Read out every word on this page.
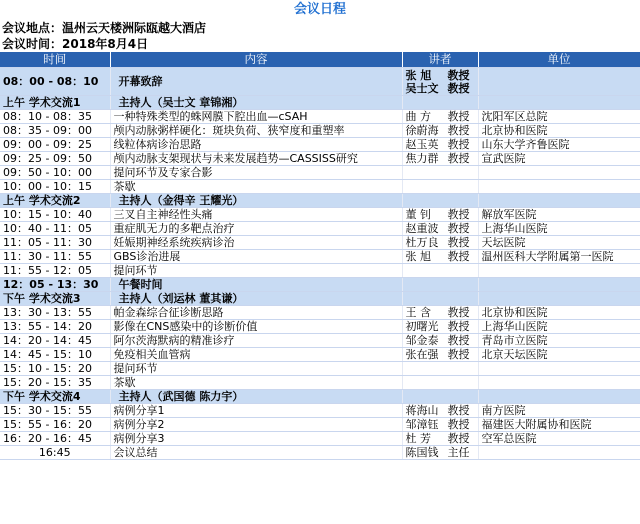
会议日程
会议地点：温州云天楼洲际瓯越大酒店
会议时间：2018年8月4日
时间	内容	讲者	单位
08：00 - 08：10	开幕致辞	张 旭 教授
吴士文 教授	

上午 学术交流1	主持人（吴士文 章锦湘）		
08：10 - 08：35	一种特殊类型的蛛网膜下腔出血—cSAH	曲 方 教授	沈阳军区总院
08：35 - 09：00	颅内动脉粥样硬化：斑块负荷、狭窄度和重塑率	徐蔚海 教授	北京协和医院
09：00 - 09：25	线粒体病诊治思路	赵玉英 教授	山东大学齐鲁医院
09：25 - 09：50	颅内动脉支架现状与未来发展趋势—CASSISS研究	焦力群 教授	宣武医院
09：50 - 10：00	提问环节及专家合影		
10：00 - 10：15	茶歇		
上午 学术交流2	主持人（金得辛 王耀光）		
10：15 - 10：40	三叉自主神经性头痛	董 钊 教授	解放军医院
10：40 - 11：05	重症肌无力的多靶点治疗	赵重波 教授	上海华山医院
11：05 - 11：30	妊娠期神经系统疾病诊治	杜万良 教授	天坛医院
11：30 - 11：55	GBS诊治进展	张 旭 教授	温州医科大学附属第一医院
11：55 - 12：05	提问环节		
12：05 - 13：30	午餐时间		
下午 学术交流3	主持人（刘运林 董其谦）		
13：30 - 13：55	帕金森综合征诊断思路	王 含 教授	北京协和医院
13：55 - 14：20	影像在CNS感染中的诊断价值	初曙光 教授	上海华山医院
14：20 - 14：45	阿尔茨海默病的精准诊疗	邹金泰 教授	青岛市立医院
14：45 - 15：10	免疫相关血管病	张在强 教授	北京天坛医院
15：10 - 15：20	提问环节		
15：20 - 15：35	茶歇		
下午 学术交流4	主持人（武国德 陈力宇）		
15：30 - 15：55	病例分享1	蒋海山 教授	南方医院
15：55 - 16：20	病例分享2	邹漳钰 教授	福建医大附属协和医院
16：20 - 16：45	病例分享3	杜 芳 教授	空军总医院
16:45	会议总结	陈国钱 主任	
